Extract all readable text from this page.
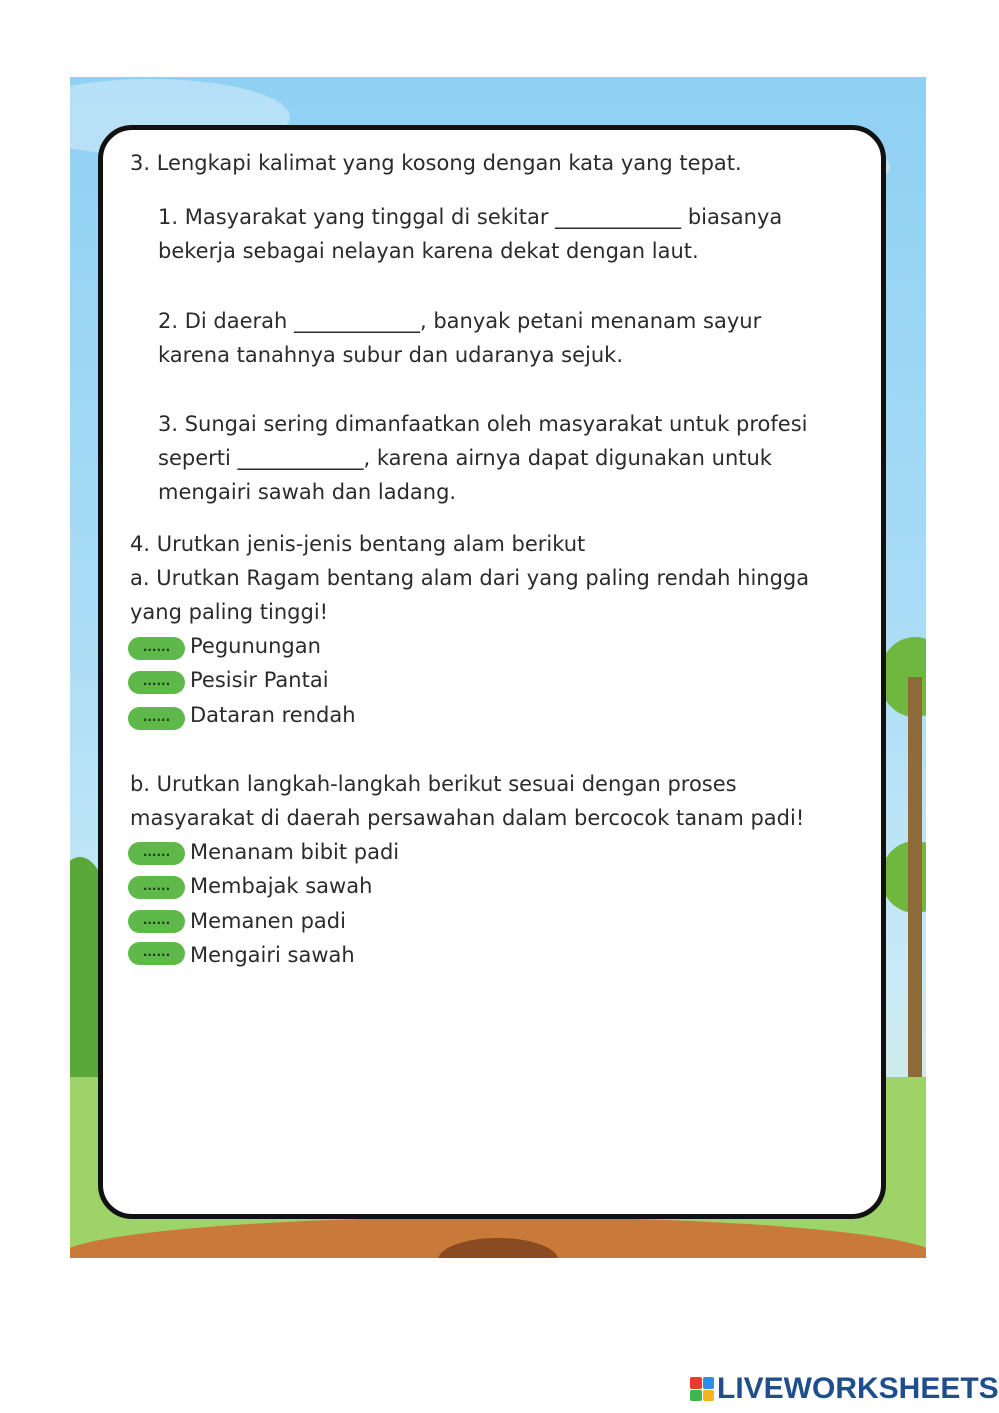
3. Lengkapi kalimat yang kosong dengan kata yang tepat.
1. Masyarakat yang tinggal di sekitar ____________ biasanya
bekerja sebagai nelayan karena dekat dengan laut.
2. Di daerah ____________, banyak petani menanam sayur
karena tanahnya subur dan udaranya sejuk.
3. Sungai sering dimanfaatkan oleh masyarakat untuk profesi
seperti ____________, karena airnya dapat digunakan untuk
mengairi sawah dan ladang.
4. Urutkan jenis-jenis bentang alam berikut
a. Urutkan Ragam bentang alam dari yang paling rendah hingga
yang paling tinggi!
...... Pegunungan
...... Pesisir Pantai
...... Dataran rendah
b. Urutkan langkah-langkah berikut sesuai dengan proses
masyarakat di daerah persawahan dalam bercocok tanam padi!
...... Menanam bibit padi
...... Membajak sawah
...... Memanen padi
...... Mengairi sawah
LIVEWORKSHEETS
